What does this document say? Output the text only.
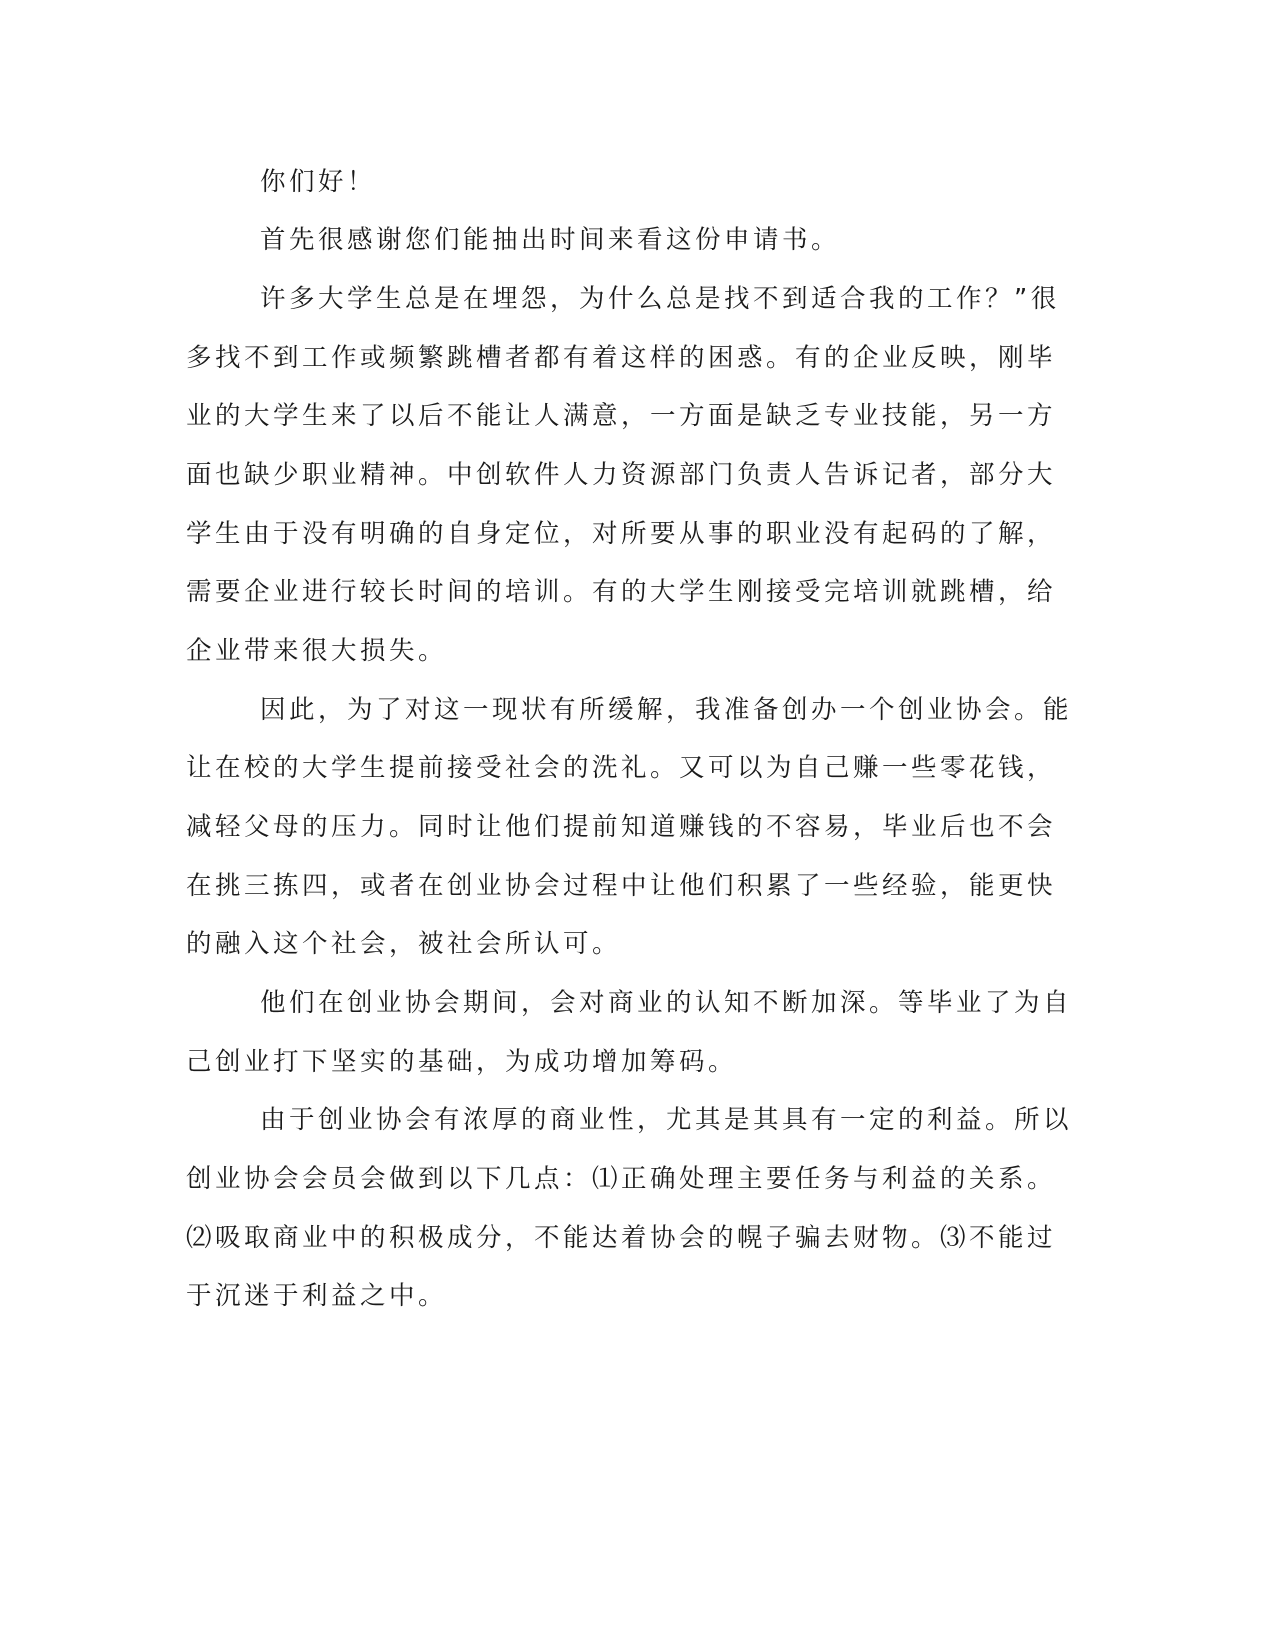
你们好！

首先很感谢您们能抽出时间来看这份申请书。

许多大学生总是在埋怨，为什么总是找不到适合我的工作？”很

多找不到工作或频繁跳槽者都有着这样的困惑。有的企业反映，刚毕

业的大学生来了以后不能让人满意，一方面是缺乏专业技能，另一方

面也缺少职业精神。中创软件人力资源部门负责人告诉记者，部分大

学生由于没有明确的自身定位，对所要从事的职业没有起码的了解，

需要企业进行较长时间的培训。有的大学生刚接受完培训就跳槽，给

企业带来很大损失。

因此，为了对这一现状有所缓解，我准备创办一个创业协会。能

让在校的大学生提前接受社会的洗礼。又可以为自己赚一些零花钱，

减轻父母的压力。同时让他们提前知道赚钱的不容易，毕业后也不会

在挑三拣四，或者在创业协会过程中让他们积累了一些经验，能更快

的融入这个社会，被社会所认可。

他们在创业协会期间，会对商业的认知不断加深。等毕业了为自

己创业打下坚实的基础，为成功增加筹码。

由于创业协会有浓厚的商业性，尤其是其具有一定的利益。所以

创业协会会员会做到以下几点：⑴正确处理主要任务与利益的关系。

⑵吸取商业中的积极成分，不能达着协会的幌子骗去财物。⑶不能过

于沉迷于利益之中。
